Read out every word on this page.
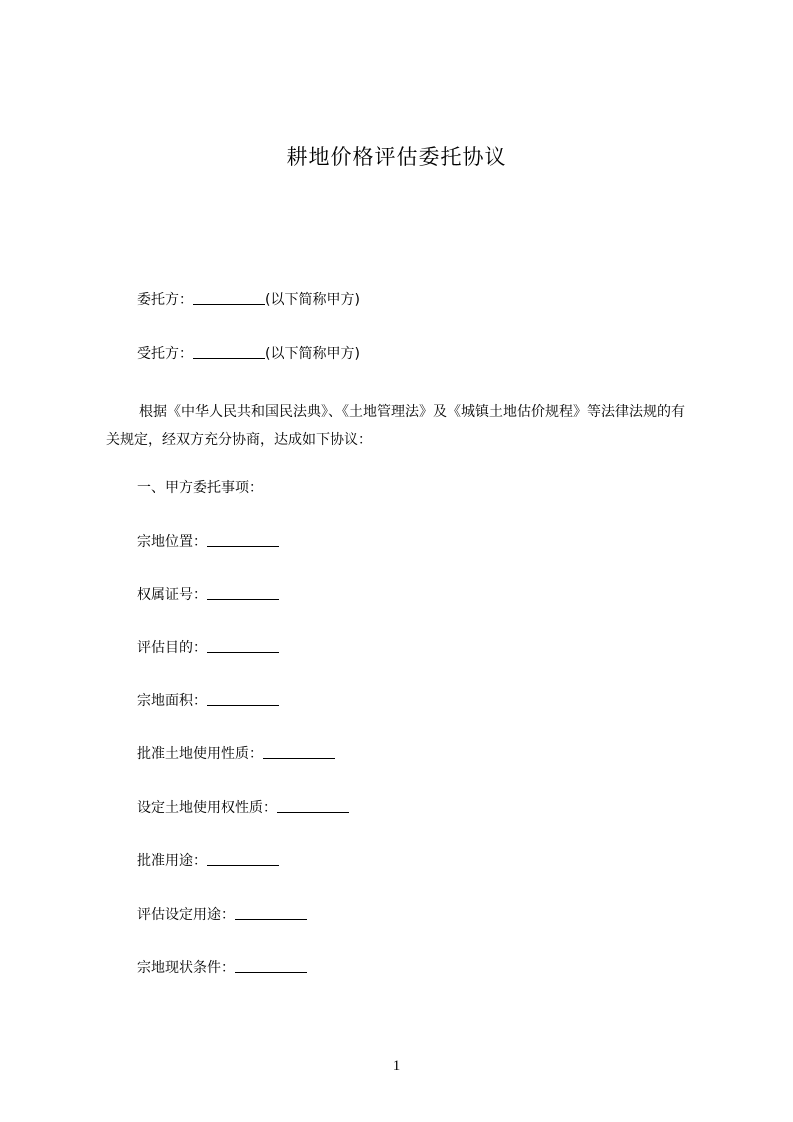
耕地价格评估委托协议
委托方：	(以下简称甲方)
受托方：	(以下简称甲方)
根据《中华人民共和国民法典》、《土地管理法》及《城镇土地估价规程》等法律法规的有关规定，经双方充分协商，达成如下协议：
一、甲方委托事项：
宗地位置：
权属证号：
评估目的：
宗地面积：
批准土地使用性质：
设定土地使用权性质：
批准用途：
评估设定用途：
宗地现状条件：
1
